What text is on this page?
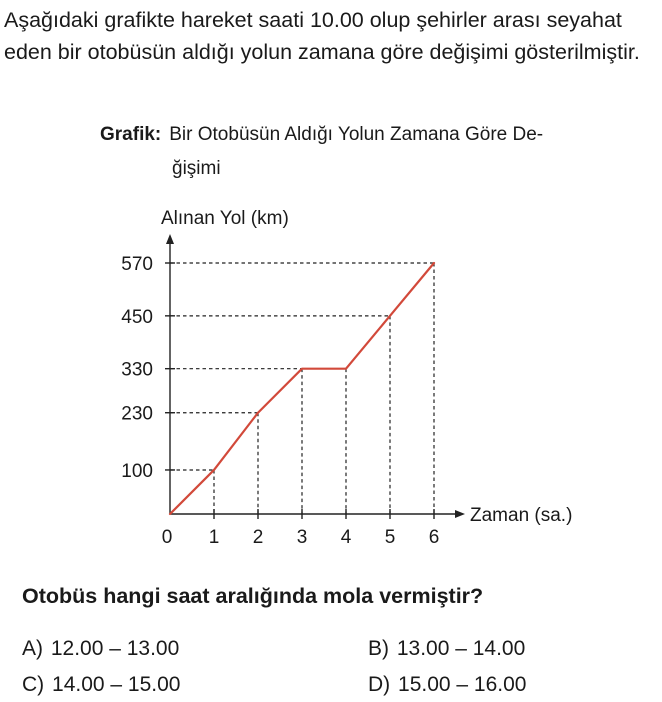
Aşağıdaki grafikte hareket saati 10.00 olup şehirler arası seyahat eden bir otobüsün aldığı yolun zamana göre değişimi gösterilmiştir.

Grafik: Bir Otobüsün Aldığı Yolun Zamana Göre De-
ğişimi
0 1 2 3 4 5 6
100
230
330
450
570
Alınan Yol (km)
Zaman (sa.)

Otobüs hangi saat aralığında mola vermiştir?

A) 12.00 – 13.00	B) 13.00 – 14.00
C) 14.00 – 15.00	D) 15.00 – 16.00
